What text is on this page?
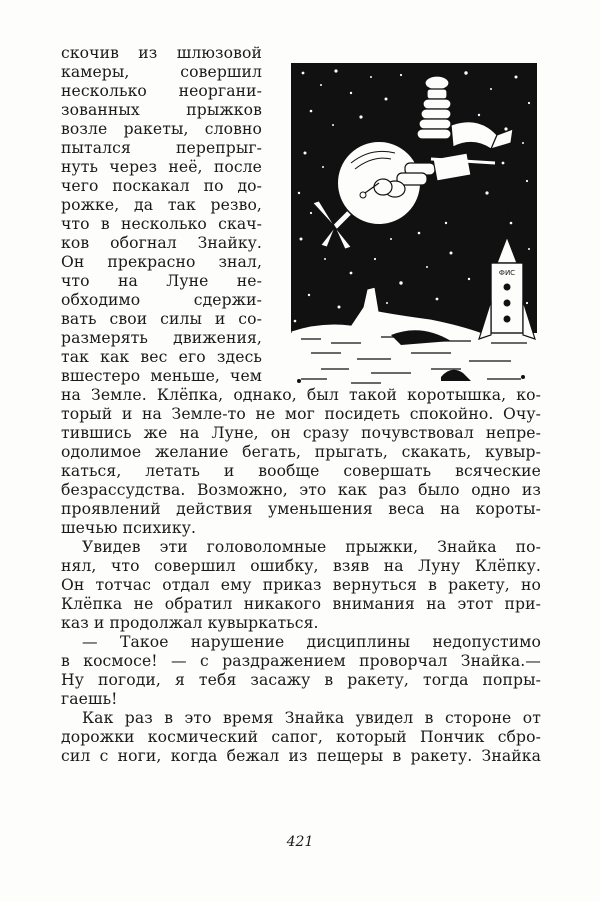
ФИС
скочив из шлюзовой
камеры, совершил
несколько неоргани-
зованных прыжков
возле ракеты, словно
пытался перепрыг-
нуть через неё, после
чего поскакал по до-
рожке, да так резво,
что в несколько скач-
ков обогнал Знайку.
Он прекрасно знал,
что на Луне не-
обходимо сдержи-
вать свои силы и со-
размерять движения,
так как вес его здесь
вшестеро меньше, чем
на Земле. Клёпка, однако, был такой коротышка, ко-
торый и на Земле-то не мог посидеть спокойно. Очу-
тившись же на Луне, он сразу почувствовал непре-
одолимое желание бегать, прыгать, скакать, кувыр-
каться, летать и вообще совершать всяческие
безрассудства. Возможно, это как раз было одно из
проявлений действия уменьшения веса на короты-
шечью психику.
Увидев эти головоломные прыжки, Знайка по-
нял, что совершил ошибку, взяв на Луну Клёпку.
Он тотчас отдал ему приказ вернуться в ракету, но
Клёпка не обратил никакого внимания на этот при-
каз и продолжал кувыркаться.
— Такое нарушение дисциплины недопустимо
в космосе! — с раздражением проворчал Знайка.—
Ну погоди, я тебя засажу в ракету, тогда попры-
гаешь!
Как раз в это время Знайка увидел в стороне от
дорожки космический сапог, который Пончик сбро-
сил с ноги, когда бежал из пещеры в ракету. Знайка
421
